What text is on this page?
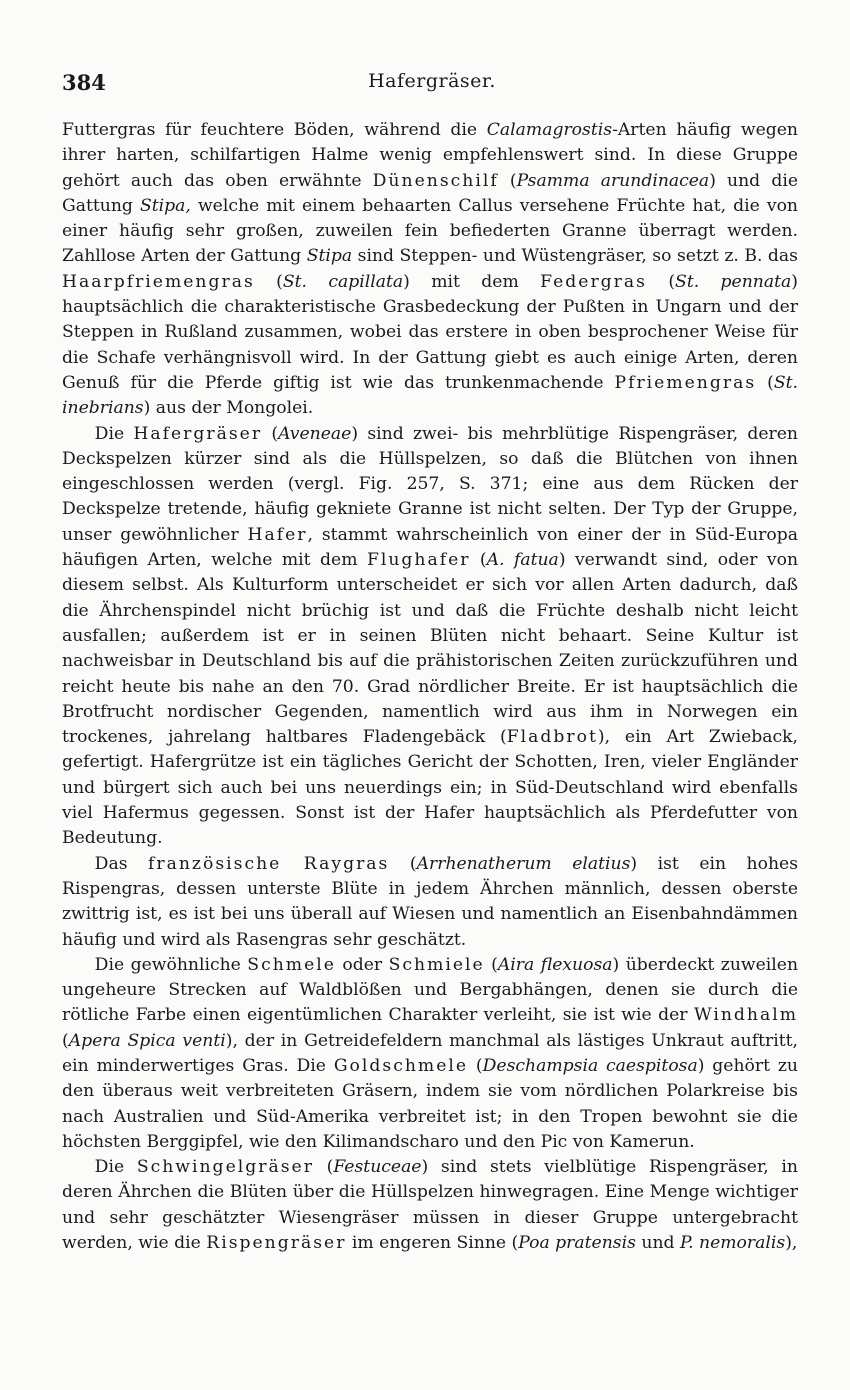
384	Hafergräser.

Futtergras für feuchtere Böden, während die Calamagrostis-Arten häufig wegen ihrer harten, schilfartigen Halme wenig empfehlenswert sind. In diese Gruppe gehört auch das oben erwähnte Dünenschilf (Psamma arundinacea) und die Gattung Stipa, welche mit einem behaarten Callus versehene Früchte hat, die von einer häufig sehr großen, zuweilen fein befiederten Granne überragt werden. Zahllose Arten der Gattung Stipa sind Steppen- und Wüstengräser, so setzt z. B. das Haarpfriemengras (St. capillata) mit dem Federgras (St. pennata) hauptsächlich die charakteristische Grasbedeckung der Pußten in Ungarn und der Steppen in Rußland zusammen, wobei das erstere in oben besprochener Weise für die Schafe verhängnisvoll wird. In der Gattung giebt es auch einige Arten, deren Genuß für die Pferde giftig ist wie das trunkenmachende Pfriemengras (St. inebrians) aus der Mongolei.

Die Hafergräser (Aveneae) sind zwei- bis mehrblütige Rispengräser, deren Deckspelzen kürzer sind als die Hüllspelzen, so daß die Blütchen von ihnen eingeschlossen werden (vergl. Fig. 257, S. 371; eine aus dem Rücken der Deckspelze tretende, häufig gekniete Granne ist nicht selten. Der Typ der Gruppe, unser gewöhnlicher Hafer, stammt wahrscheinlich von einer der in Süd-Europa häufigen Arten, welche mit dem Flughafer (A. fatua) verwandt sind, oder von diesem selbst. Als Kulturform unterscheidet er sich vor allen Arten dadurch, daß die Ährchenspindel nicht brüchig ist und daß die Früchte deshalb nicht leicht ausfallen; außerdem ist er in seinen Blüten nicht behaart. Seine Kultur ist nachweisbar in Deutschland bis auf die prähistorischen Zeiten zurückzuführen und reicht heute bis nahe an den 70. Grad nördlicher Breite. Er ist hauptsächlich die Brotfrucht nordischer Gegenden, namentlich wird aus ihm in Norwegen ein trockenes, jahrelang haltbares Fladengebäck (Fladbrot), ein Art Zwieback, gefertigt. Hafergrütze ist ein tägliches Gericht der Schotten, Iren, vieler Engländer und bürgert sich auch bei uns neuerdings ein; in Süd-Deutschland wird ebenfalls viel Hafermus gegessen. Sonst ist der Hafer hauptsächlich als Pferdefutter von Bedeutung.

Das französische Raygras (Arrhenatherum elatius) ist ein hohes Rispengras, dessen unterste Blüte in jedem Ährchen männlich, dessen oberste zwittrig ist, es ist bei uns überall auf Wiesen und namentlich an Eisenbahndämmen häufig und wird als Rasengras sehr geschätzt.

Die gewöhnliche Schmele oder Schmiele (Aira flexuosa) überdeckt zuweilen ungeheure Strecken auf Waldblößen und Bergabhängen, denen sie durch die rötliche Farbe einen eigentümlichen Charakter verleiht, sie ist wie der Windhalm (Apera Spica venti), der in Getreidefeldern manchmal als lästiges Unkraut auftritt, ein minderwertiges Gras. Die Goldschmele (Deschampsia caespitosa) gehört zu den überaus weit verbreiteten Gräsern, indem sie vom nördlichen Polarkreise bis nach Australien und Süd-Amerika verbreitet ist; in den Tropen bewohnt sie die höchsten Berggipfel, wie den Kilimandscharo und den Pic von Kamerun.

Die Schwingelgräser (Festuceae) sind stets vielblütige Rispengräser, in deren Ährchen die Blüten über die Hüllspelzen hinwegragen. Eine Menge wichtiger und sehr geschätzter Wiesengräser müssen in dieser Gruppe untergebracht werden, wie die Rispengräser im engeren Sinne (Poa pratensis und P. nemoralis),
